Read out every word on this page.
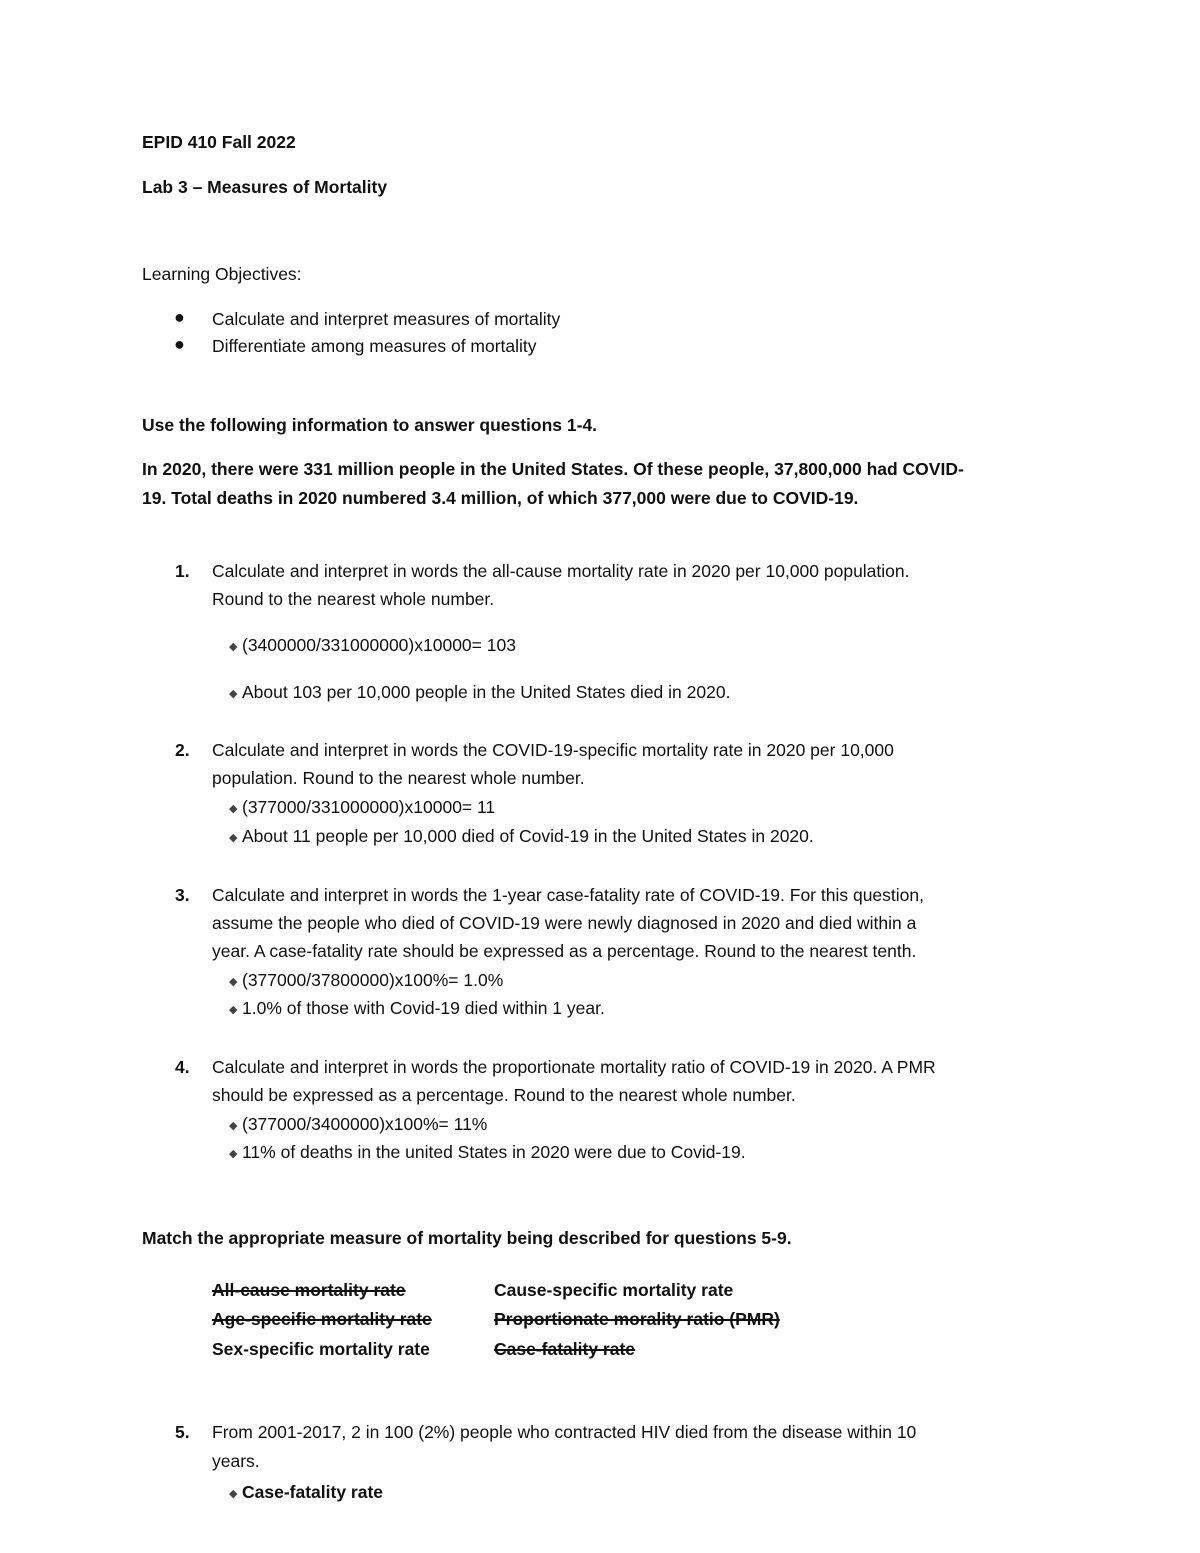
EPID 410 Fall 2022
Lab 3 – Measures of Mortality
Learning Objectives:
● Calculate and interpret measures of mortality
● Differentiate among measures of mortality
Use the following information to answer questions 1-4.
In 2020, there were 331 million people in the United States. Of these people, 37,800,000 had COVID-
19. Total deaths in 2020 numbered 3.4 million, of which 377,000 were due to COVID-19.
1. Calculate and interpret in words the all-cause mortality rate in 2020 per 10,000 population.
Round to the nearest whole number.
◆ (3400000/331000000)x10000= 103
◆ About 103 per 10,000 people in the United States died in 2020.
2. Calculate and interpret in words the COVID-19-specific mortality rate in 2020 per 10,000
population. Round to the nearest whole number.
◆ (377000/331000000)x10000= 11
◆ About 11 people per 10,000 died of Covid-19 in the United States in 2020.
3. Calculate and interpret in words the 1-year case-fatality rate of COVID-19. For this question,
assume the people who died of COVID-19 were newly diagnosed in 2020 and died within a
year. A case-fatality rate should be expressed as a percentage. Round to the nearest tenth.
◆ (377000/37800000)x100%= 1.0%
◆ 1.0% of those with Covid-19 died within 1 year.
4. Calculate and interpret in words the proportionate mortality ratio of COVID-19 in 2020. A PMR
should be expressed as a percentage. Round to the nearest whole number.
◆ (377000/3400000)x100%= 11%
◆ 11% of deaths in the united States in 2020 were due to Covid-19.
Match the appropriate measure of mortality being described for questions 5-9.
All-cause mortality rate	Cause-specific mortality rate
Age-specific mortality rate	Proportionate morality ratio (PMR)
Sex-specific mortality rate	Case-fatality rate
5. From 2001-2017, 2 in 100 (2%) people who contracted HIV died from the disease within 10
years.
◆ Case-fatality rate
